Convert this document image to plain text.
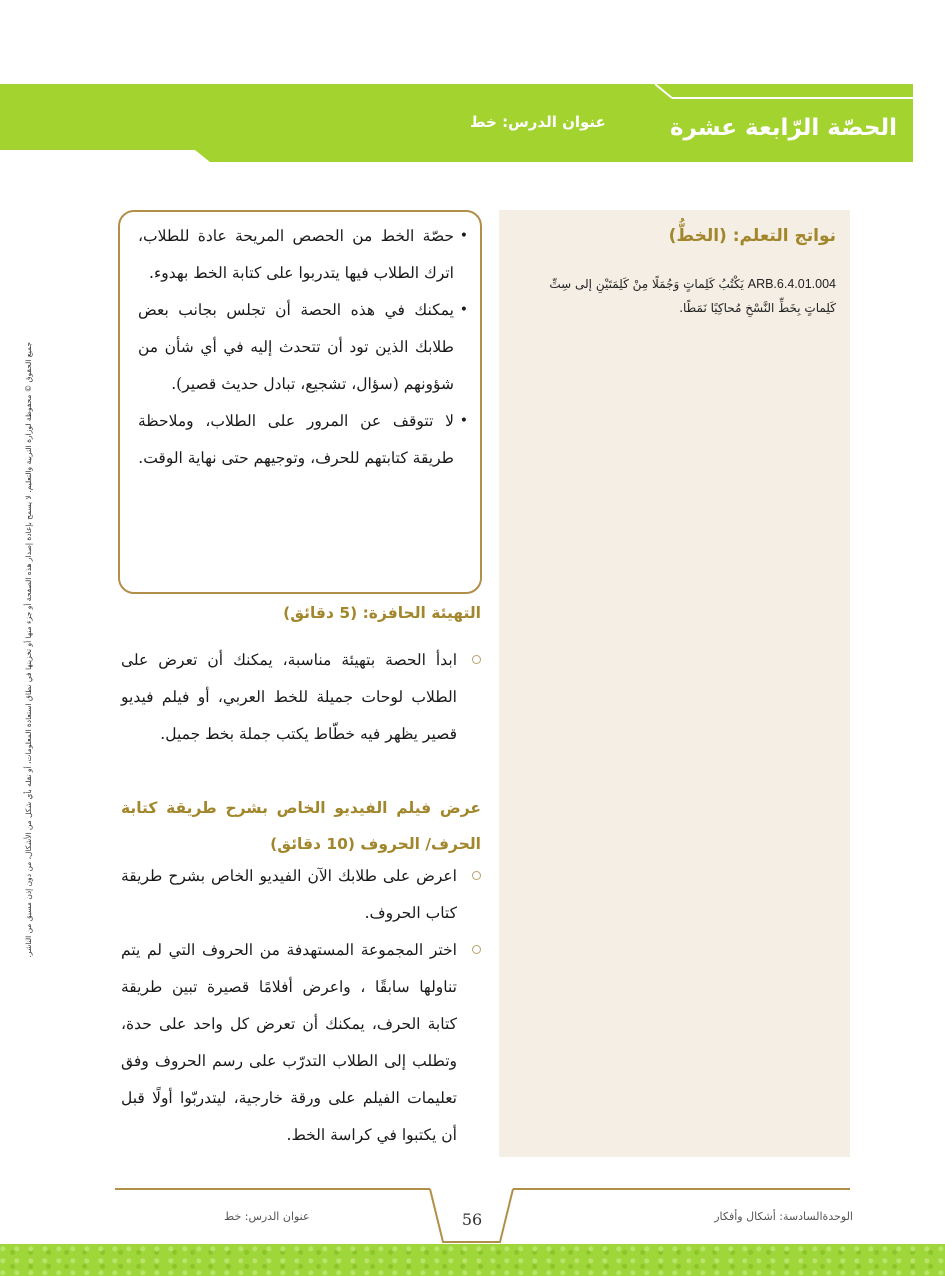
الحصّة الرّابعة عشرة
عنوان الدرس: خط
جميع الحقوق © محفوظة لوزارة التربية والتعليم. لا يسمح بإعادة إصدار هذه الصفحة أو جزء منها أو تخزينها في نطاق استعادة المعلومات، أو نقله بأي شكل من الأشكال، من دون إذن مسبق من الناشر.
نواتج التعلم: (الخطُّ)
ARB.6.4.01.004 يَكْتُبُ كَلِماتٍ وَجُمَلًا مِنْ كَلِمَتَيْنِ إلى سِتِّ كَلِماتٍ بِخَطِّ النَّسْخِ مُحاكِيًا نَمَطًا.
•
حصّة الخط من الحصص المريحة عادة للطلاب، اترك الطلاب فيها يتدربوا على كتابة الخط بهدوء.
•
يمكنك في هذه الحصة أن تجلس بجانب بعض طلابك الذين تود أن تتحدث إليه في أي شأن من شؤونهم (سؤال، تشجيع، تبادل حديث قصير).
•
لا تتوقف عن المرور على الطلاب، وملاحظة طريقة كتابتهم للحرف، وتوجيهم حتى نهاية الوقت.
التهيئة الحافزة: (5 دقائق)
ابدأ الحصة بتهيئة مناسبة، يمكنك أن تعرض على الطلاب لوحات جميلة للخط العربي، أو فيلم فيديو قصير يظهر فيه خطّاط يكتب جملة بخط جميل.
عرض فيلم الفيديو الخاص بشرح طريقة كتابة الحرف/ الحروف (10 دقائق)
اعرض على طلابك الآن الفيديو الخاص بشرح طريقة كتاب الحروف.
اختر المجموعة المستهدفة من الحروف التي لم يتم تناولها سابقًا ، واعرض أفلامًا قصيرة تبين طريقة كتابة الحرف، يمكنك أن تعرض كل واحد على حدة، وتطلب إلى الطلاب التدرّب على رسم الحروف وفق تعليمات الفيلم على ورقة خارجية، ليتدربّوا أولًا قبل أن يكتبوا في كراسة الخط.
عنوان الدرس: خط	56	الوحدةالسادسة: أشكال وأفكار
